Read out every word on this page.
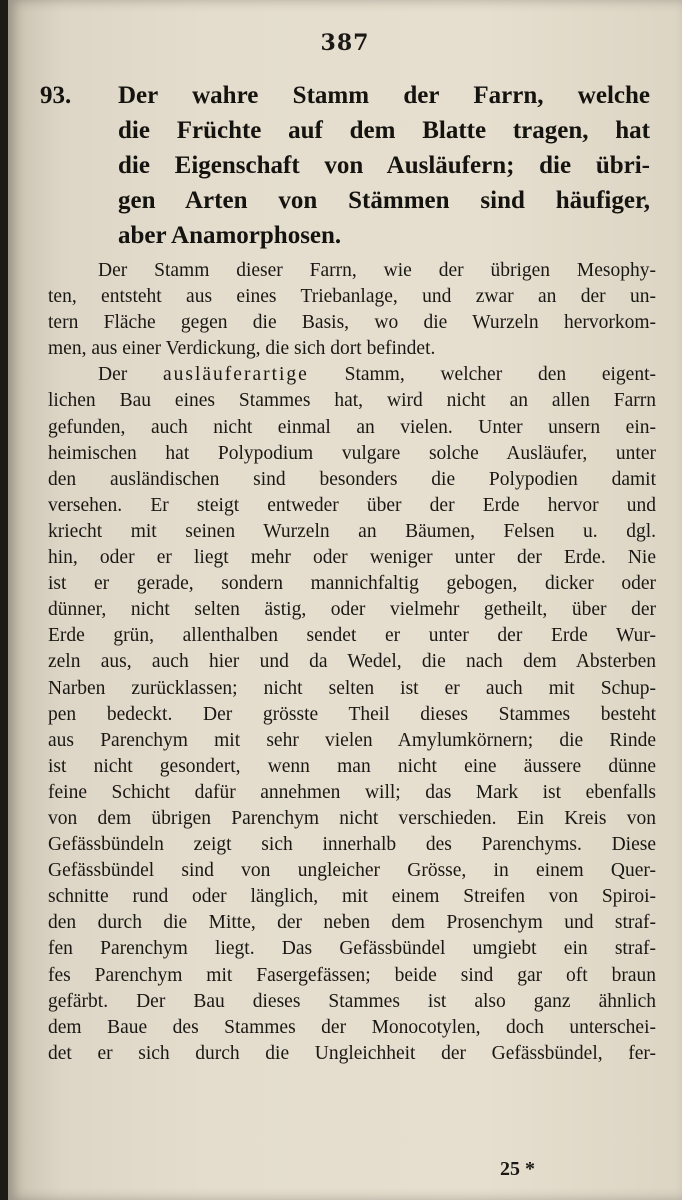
387
93. Der wahre Stamm der Farrn, welche
die Früchte auf dem Blatte tragen, hat
die Eigenschaft von Ausläufern; die übri-
gen Arten von Stämmen sind häufiger,
aber Anamorphosen.
Der Stamm dieser Farrn, wie der übrigen Mesophy-
ten, entsteht aus eines Triebanlage, und zwar an der un-
tern Fläche gegen die Basis, wo die Wurzeln hervorkom-
men, aus einer Verdickung, die sich dort befindet.
Der ausläuferartige Stamm, welcher den eigent-
lichen Bau eines Stammes hat, wird nicht an allen Farrn
gefunden, auch nicht einmal an vielen. Unter unsern ein-
heimischen hat Polypodium vulgare solche Ausläufer, unter
den ausländischen sind besonders die Polypodien damit
versehen. Er steigt entweder über der Erde hervor und
kriecht mit seinen Wurzeln an Bäumen, Felsen u. dgl.
hin, oder er liegt mehr oder weniger unter der Erde. Nie
ist er gerade, sondern mannichfaltig gebogen, dicker oder
dünner, nicht selten ästig, oder vielmehr getheilt, über der
Erde grün, allenthalben sendet er unter der Erde Wur-
zeln aus, auch hier und da Wedel, die nach dem Absterben
Narben zurücklassen; nicht selten ist er auch mit Schup-
pen bedeckt. Der grösste Theil dieses Stammes besteht
aus Parenchym mit sehr vielen Amylumkörnern; die Rinde
ist nicht gesondert, wenn man nicht eine äussere dünne
feine Schicht dafür annehmen will; das Mark ist ebenfalls
von dem übrigen Parenchym nicht verschieden. Ein Kreis von
Gefässbündeln zeigt sich innerhalb des Parenchyms. Diese
Gefässbündel sind von ungleicher Grösse, in einem Quer-
schnitte rund oder länglich, mit einem Streifen von Spiroi-
den durch die Mitte, der neben dem Prosenchym und straf-
fen Parenchym liegt. Das Gefässbündel umgiebt ein straf-
fes Parenchym mit Fasergefässen; beide sind gar oft braun
gefärbt. Der Bau dieses Stammes ist also ganz ähnlich
dem Baue des Stammes der Monocotylen, doch unterschei-
det er sich durch die Ungleichheit der Gefässbündel, fer-
25 *
